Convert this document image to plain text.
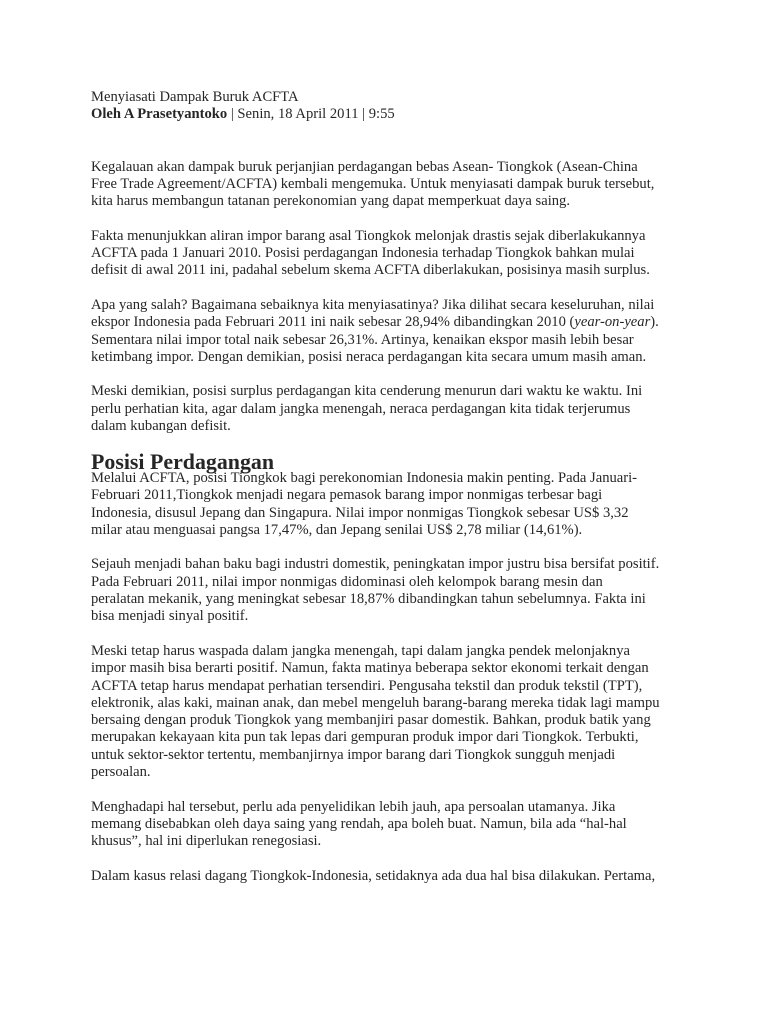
Menyiasati Dampak Buruk ACFTA

Oleh A Prasetyantoko | Senin, 18 April 2011 | 9:55

Kegalauan akan dampak buruk perjanjian perdagangan bebas Asean- Tiongkok (Asean-China
Free Trade Agreement/ACFTA) kembali mengemuka. Untuk menyiasati dampak buruk tersebut,
kita harus membangun tatanan perekonomian yang dapat memperkuat daya saing.

Fakta menunjukkan aliran impor barang asal Tiongkok melonjak drastis sejak diberlakukannya
ACFTA pada 1 Januari 2010. Posisi perdagangan Indonesia terhadap Tiongkok bahkan mulai
defisit di awal 2011 ini, padahal sebelum skema ACFTA diberlakukan, posisinya masih surplus.

Apa yang salah? Bagaimana sebaiknya kita menyiasatinya? Jika dilihat secara keseluruhan, nilai
ekspor Indonesia pada Februari 2011 ini naik sebesar 28,94% dibandingkan 2010 (year-on-year).
Sementara nilai impor total naik sebesar 26,31%. Artinya, kenaikan ekspor masih lebih besar
ketimbang impor. Dengan demikian, posisi neraca perdagangan kita secara umum masih aman.

Meski demikian, posisi surplus perdagangan kita cenderung menurun dari waktu ke waktu. Ini
perlu perhatian kita, agar dalam jangka menengah, neraca perdagangan kita tidak terjerumus
dalam kubangan defisit.

Posisi Perdagangan

Melalui ACFTA, posisi Tiongkok bagi perekonomian Indonesia makin penting. Pada Januari-
Februari 2011,Tiongkok menjadi negara pemasok barang impor nonmigas terbesar bagi
Indonesia, disusul Jepang dan Singapura. Nilai impor nonmigas Tiongkok sebesar US$ 3,32
milar atau menguasai pangsa 17,47%, dan Jepang senilai US$ 2,78 miliar (14,61%).

Sejauh menjadi bahan baku bagi industri domestik, peningkatan impor justru bisa bersifat positif.
Pada Februari 2011, nilai impor nonmigas didominasi oleh kelompok barang mesin dan
peralatan mekanik, yang meningkat sebesar 18,87% dibandingkan tahun sebelumnya. Fakta ini
bisa menjadi sinyal positif.

Meski tetap harus waspada dalam jangka menengah, tapi dalam jangka pendek melonjaknya
impor masih bisa berarti positif. Namun, fakta matinya beberapa sektor ekonomi terkait dengan
ACFTA tetap harus mendapat perhatian tersendiri. Pengusaha tekstil dan produk tekstil (TPT),
elektronik, alas kaki, mainan anak, dan mebel mengeluh barang-barang mereka tidak lagi mampu
bersaing dengan produk Tiongkok yang membanjiri pasar domestik. Bahkan, produk batik yang
merupakan kekayaan kita pun tak lepas dari gempuran produk impor dari Tiongkok. Terbukti,
untuk sektor-sektor tertentu, membanjirnya impor barang dari Tiongkok sungguh menjadi
persoalan.

Menghadapi hal tersebut, perlu ada penyelidikan lebih jauh, apa persoalan utamanya. Jika
memang disebabkan oleh daya saing yang rendah, apa boleh buat. Namun, bila ada “hal-hal
khusus”, hal ini diperlukan renegosiasi.

Dalam kasus relasi dagang Tiongkok-Indonesia, setidaknya ada dua hal bisa dilakukan. Pertama,
